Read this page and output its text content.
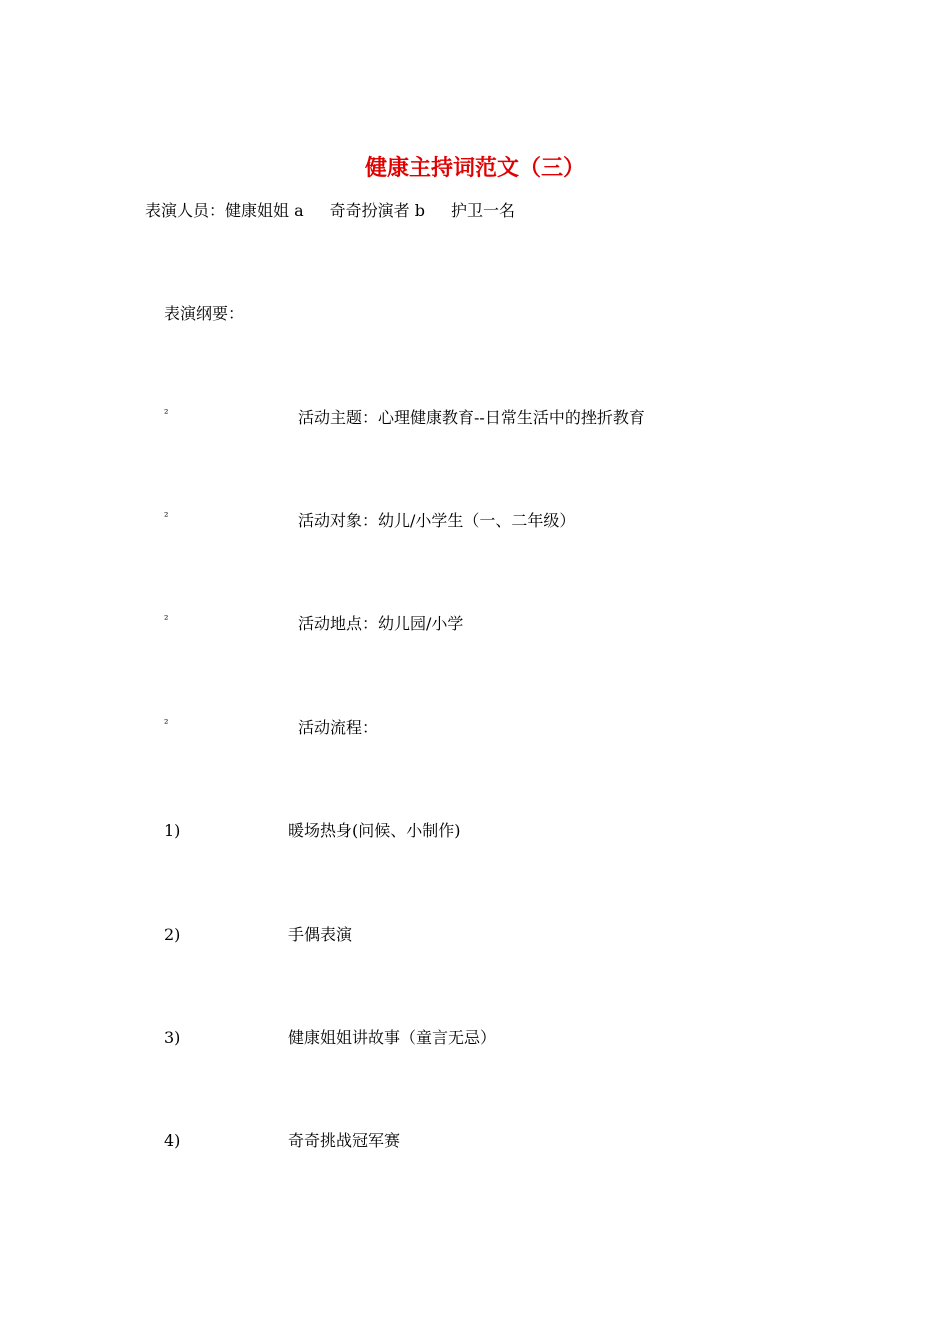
健康主持词范文（三）
表演人员：健康姐姐 a 奇奇扮演者 b 护卫一名
表演纲要：
²	活动主题：心理健康教育--日常生活中的挫折教育
²	活动对象：幼儿/小学生（一、二年级）
²	活动地点：幼儿园/小学
²	活动流程：
1)	暖场热身(问候、小制作)
2)	手偶表演
3)	健康姐姐讲故事（童言无忌）
4)	奇奇挑战冠军赛
